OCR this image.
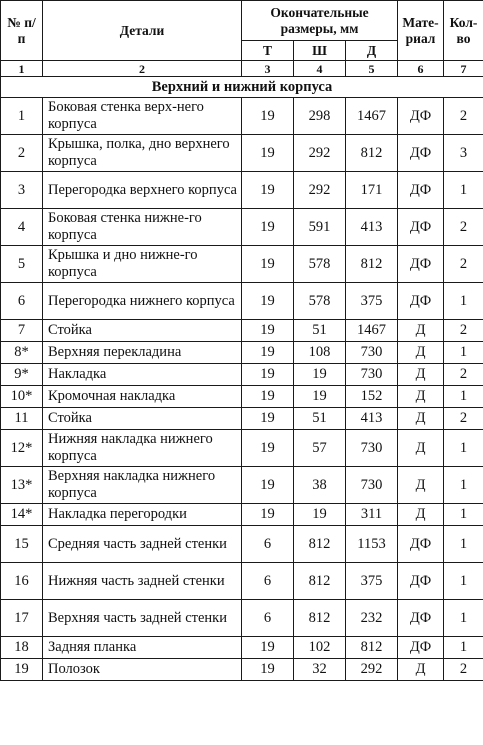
№ п/п	Детали	Окончательные размеры, мм			Мате-риал	Кол-во
		Т	Ш	Д		
1	2	3	4	5	6	7
Верхний и нижний корпуса						
1	Боковая стенка верх-него корпуса	19	298	1467	ДФ	2
2	Крышка, полка, дно верхнего корпуса	19	292	812	ДФ	3
3	Перегородка верхнего корпуса	19	292	171	ДФ	1
4	Боковая стенка нижне-го корпуса	19	591	413	ДФ	2
5	Крышка и дно нижне-го корпуса	19	578	812	ДФ	2
6	Перегородка нижнего корпуса	19	578	375	ДФ	1
7	Стойка	19	51	1467	Д	2
8*	Верхняя перекладина	19	108	730	Д	1
9*	Накладка	19	19	730	Д	2
10*	Кромочная накладка	19	19	152	Д	1
11	Стойка	19	51	413	Д	2
12*	Нижняя накладка нижнего корпуса	19	57	730	Д	1
13*	Верхняя накладка нижнего корпуса	19	38	730	Д	1
14*	Накладка перегородки	19	19	311	Д	1
15	Средняя часть задней стенки	6	812	1153	ДФ	1
16	Нижняя часть задней стенки	6	812	375	ДФ	1
17	Верхняя часть задней стенки	6	812	232	ДФ	1
18	Задняя планка	19	102	812	ДФ	1
19	Полозок	19	32	292	Д	2
